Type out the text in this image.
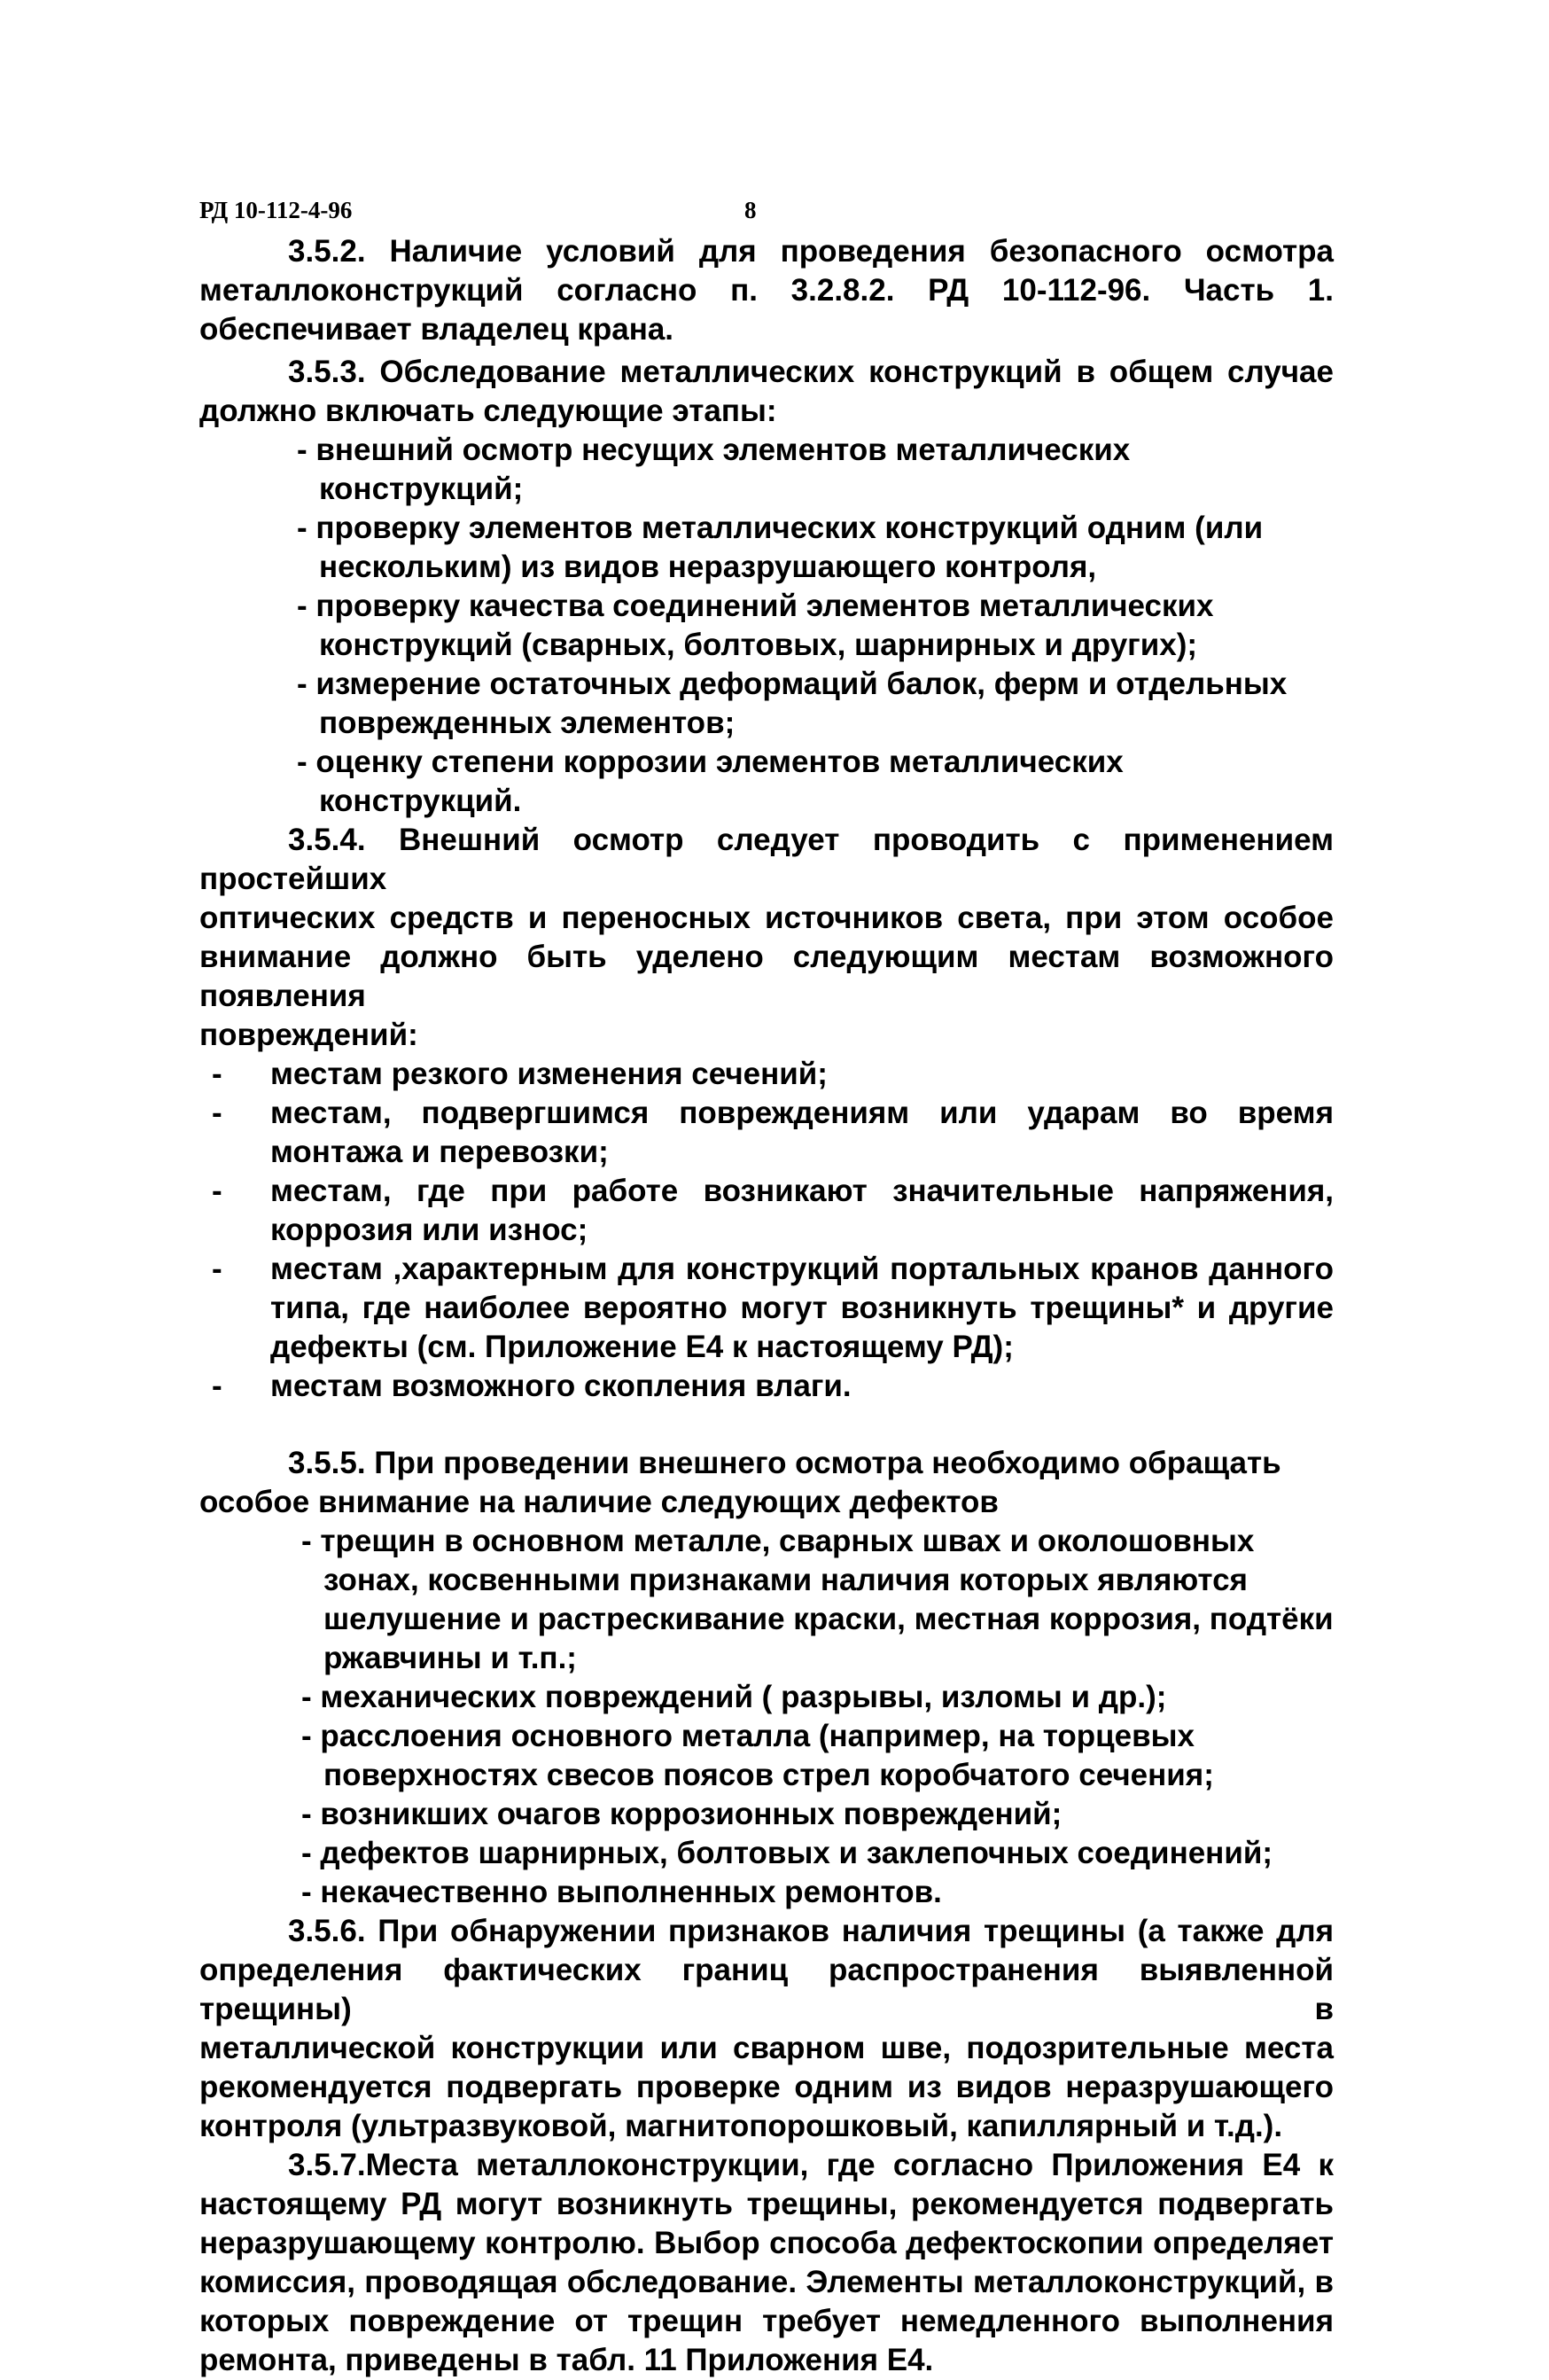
РД 10-112-4-96	8

3.5.2. Наличие условий для проведения безопасного осмотра

металлоконструкций согласно п. 3.2.8.2. РД 10-112-96. Часть 1.

обеспечивает владелец крана.

3.5.3. Обследование металлических конструкций в общем случае

должно включать следующие этапы:

- внешний осмотр несущих элементов металлических конструкций;
- проверку элементов металлических конструкций одним (или нескольким) из видов неразрушающего контроля,
- проверку качества соединений элементов металлических конструкций (сварных, болтовых, шарнирных и других);
- измерение остаточных деформаций балок, ферм и отдельных поврежденных элементов;
- оценку степени коррозии элементов металлических конструкций.

3.5.4. Внешний осмотр следует проводить с применением простейших

оптических средств и переносных источников света, при этом особое

внимание должно быть уделено следующим местам возможного появления

повреждений:

- местам резкого изменения сечений;
- местам, подвергшимся повреждениям или ударам во время монтажа и перевозки;
- местам, где при работе возникают значительные напряжения, коррозия или износ;
- местам ,характерным для конструкций портальных кранов данного типа, где наиболее вероятно могут возникнуть трещины* и другие дефекты (см. Приложение Е4 к настоящему РД);
- местам возможного скопления влаги.

3.5.5. При проведении внешнего осмотра необходимо обращать

особое внимание на наличие следующих дефектов

- трещин в основном металле, сварных швах и околошовных зонах, косвенными признаками наличия которых являются шелушение и растрескивание краски, местная коррозия, подтёки ржавчины и т.п.;
- механических повреждений ( разрывы, изломы и др.);
- расслоения основного металла (например, на торцевых поверхностях свесов поясов стрел коробчатого сечения;
- возникших очагов коррозионных повреждений;
- дефектов шарнирных, болтовых и заклепочных соединений;
- некачественно выполненных ремонтов.

3.5.6. При обнаружении признаков наличия трещины (а также для

определения фактических границ распространения выявленной трещины) в

металлической конструкции или сварном шве, подозрительные места

рекомендуется подвергать проверке одним из видов неразрушающего

контроля (ультразвуковой, магнитопорошковый, капиллярный и т.д.).

3.5.7.Места металлоконструкции, где согласно Приложения Е4 к

настоящему РД могут возникнуть трещины, рекомендуется подвергать

неразрушающему контролю. Выбор способа дефектоскопии определяет

комиссия, проводящая обследование. Элементы металлоконструкций, в

которых повреждение от трещин требует немедленного выполнения

ремонта, приведены в табл. 11 Приложения Е4.
